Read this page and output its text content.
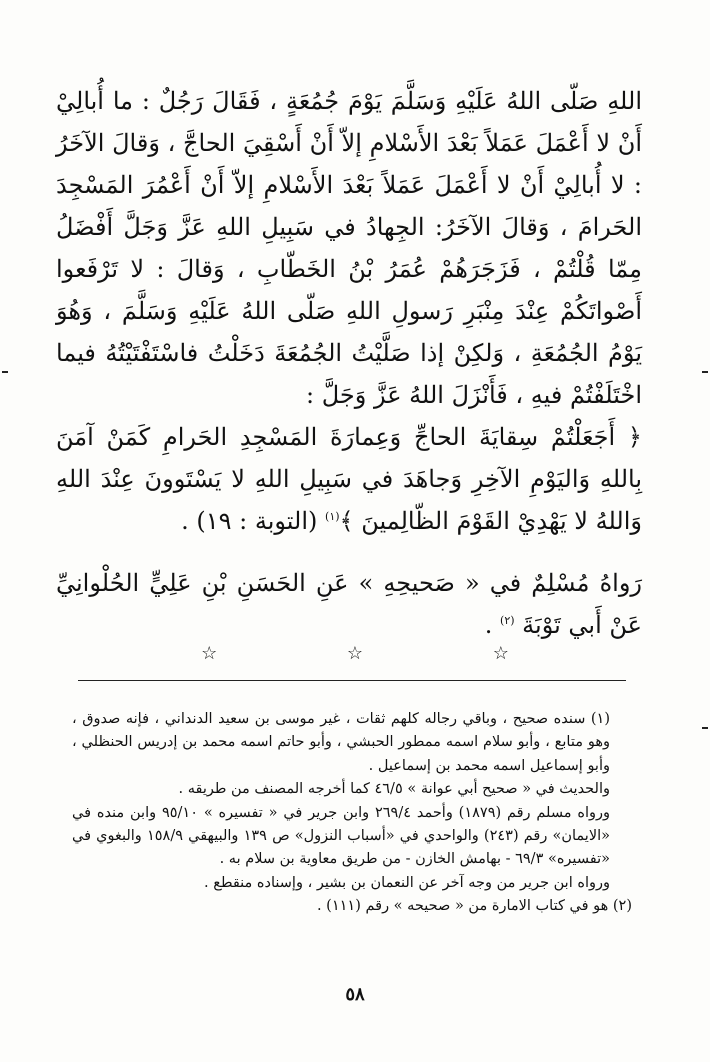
اللهِ صَلّى اللهُ عَلَيْهِ وَسَلَّمَ يَوْمَ جُمُعَةٍ ، فَقَالَ رَجُلٌ : ما أُبالِيْ أَنْ لا أَعْمَلَ عَمَلاً بَعْدَ الأَسْلامِ إلاّ أَنْ أَسْقِيَ الحاجَّ ، وَقالَ الآخَرُ : لا أُبالِيْ أَنْ لا أَعْمَلَ عَمَلاً بَعْدَ الأَسْلامِ إلاّ أَنْ أَعْمُرَ المَسْجِدَ الحَرامَ ، وَقالَ الآخَرُ: الجِهادُ في سَبِيلِ اللهِ عَزَّ وَجَلَّ أَفْضَلُ مِمّا قُلْتُمْ ، فَزَجَرَهُمْ عُمَرُ بْنُ الخَطّابِ ، وَقالَ : لا تَرْفَعوا أَصْواتَكُمْ عِنْدَ مِنْبَرِ رَسولِ اللهِ صَلّى اللهُ عَلَيْهِ وَسَلَّمَ ، وَهُوَ يَوْمُ الجُمُعَةِ ، وَلكِنْ إذا صَلَّيْتُ الجُمُعَةَ دَخَلْتُ فاسْتَفْتَيْتُهُ فيما اخْتَلَفْتُمْ فيهِ ، فَأَنْزَلَ اللهُ عَزَّ وَجَلَّ :

﴿ أَجَعَلْتُمْ سِقايَةَ الحاجِّ وَعِمارَةَ المَسْجِدِ الحَرامِ كَمَنْ آمَنَ بِاللهِ وَاليَوْمِ الآخِرِ وَجاهَدَ في سَبِيلِ اللهِ لا يَسْتَوونَ عِنْدَ اللهِ وَاللهُ لا يَهْدِيْ القَوْمَ الظّالِمينَ ﴾$^{(١)}$ (التوبة : ١٩) .

رَواهُ مُسْلِمٌ في « صَحيحِهِ » عَنِ الحَسَنِ بْنِ عَلِيٍّ الحُلْوانِيِّ عَنْ أَبي تَوْبَةَ $^{(٢)}$ .

☆ ☆ ☆

(١) سنده صحيح ، وباقي رجاله كلهم ثقات ، غير موسى بن سعيد الدنداني ، فإنه صدوق ، وهو متابع ، وأبو سلام اسمه ممطور الحبشي ، وأبو حاتم اسمه محمد بن إدريس الحنظلي ، وأبو إسماعيل اسمه محمد بن إسماعيل .

والحديث في « صحيح أبي عوانة » ٤٦/٥ كما أخرجه المصنف من طريقه .

ورواه مسلم رقم (١٨٧٩) وأحمد ٢٦٩/٤ وابن جرير في « تفسيره » ٩٥/١٠ وابن منده في «الايمان» رقم (٢٤٣) والواحدي في «أسباب النزول» ص ١٣٩ والبيهقي ١٥٨/٩ والبغوي في «تفسيره» ٦٩/٣ - بهامش الخازن - من طريق معاوية بن سلام به .

ورواه ابن جرير من وجه آخر عن النعمان بن بشير ، وإسناده منقطع .

(٢) هو في كتاب الامارة من « صحيحه » رقم (١١١) .

٥٨
